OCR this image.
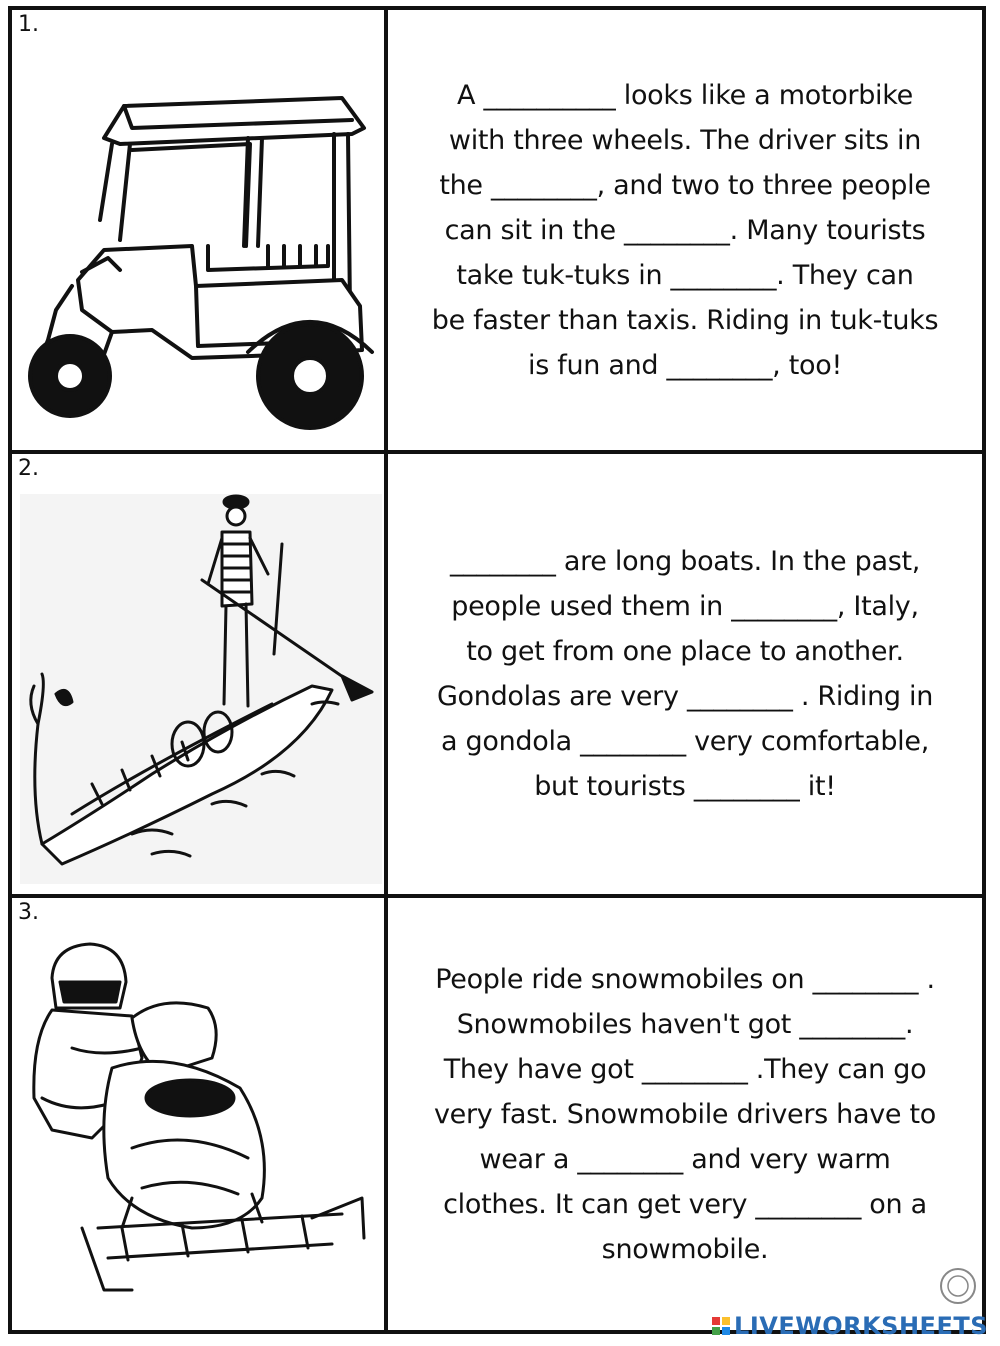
1.

A __________ looks like a motorbike
with three wheels. The driver sits in
the ________, and two to three people
can sit in the ________. Many tourists
take tuk-tuks in ________. They can
be faster than taxis. Riding in tuk-tuks
is fun and ________, too!

2.

________ are long boats. In the past,
people used them in ________, Italy,
to get from one place to another.
Gondolas are very ________ . Riding in
a gondola ________ very comfortable,
but tourists ________ it!

3.

People ride snowmobiles on ________ .
Snowmobiles haven't got ________.
They have got ________ .They can go
very fast. Snowmobile drivers have to
wear a ________ and very warm
clothes. It can get very ________ on a
snowmobile.

LIVEWORKSHEETS
